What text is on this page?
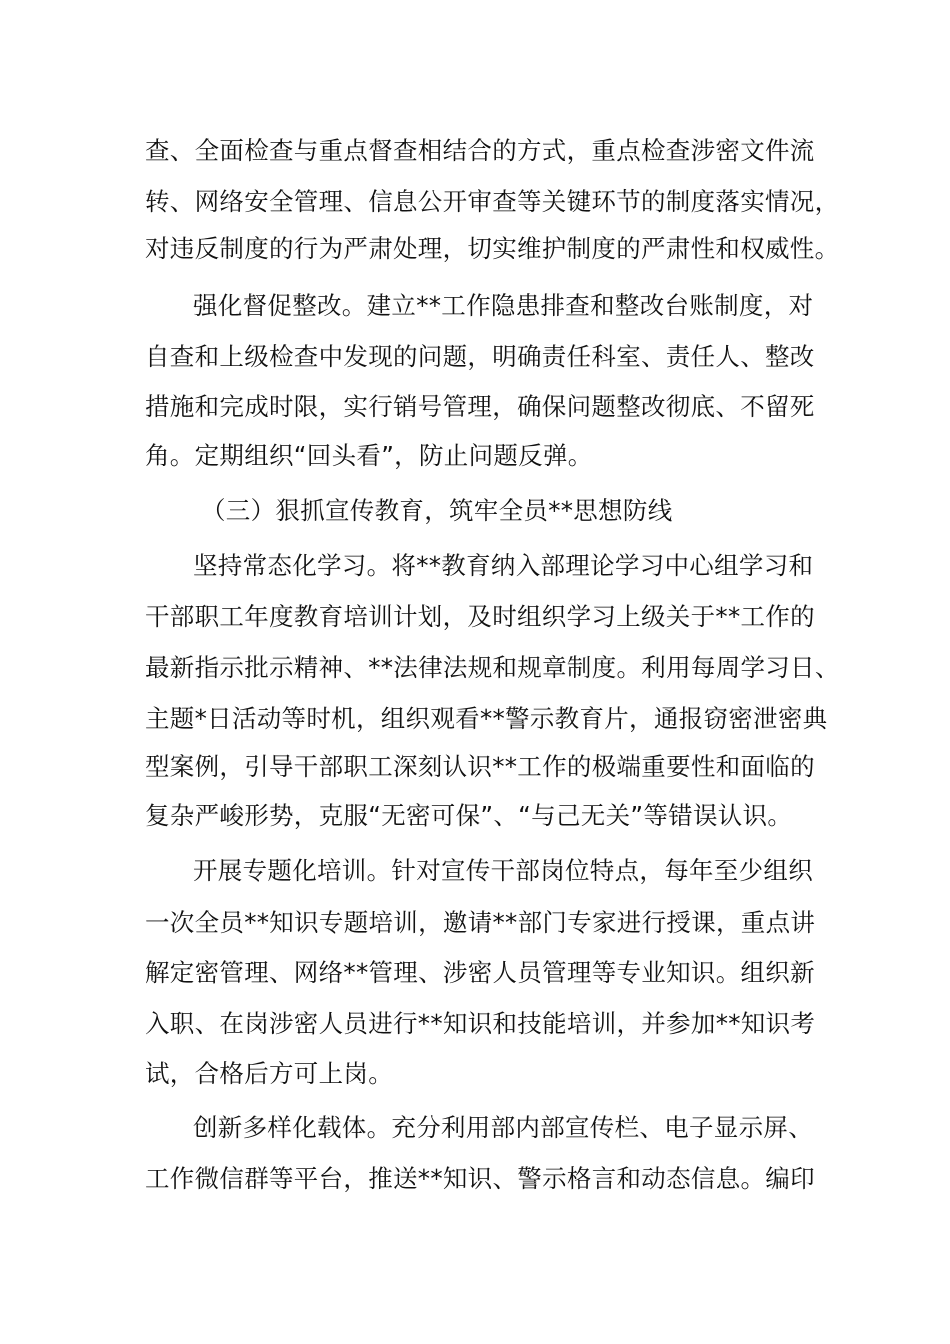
查、全面检查与重点督查相结合的方式，重点检查涉密文件流
转、网络安全管理、信息公开审查等关键环节的制度落实情况，
对违反制度的行为严肃处理，切实维护制度的严肃性和权威性。
强化督促整改。建立**工作隐患排查和整改台账制度，对
自查和上级检查中发现的问题，明确责任科室、责任人、整改
措施和完成时限，实行销号管理，确保问题整改彻底、不留死
角。定期组织“回头看”，防止问题反弹。
（三）狠抓宣传教育，筑牢全员**思想防线
坚持常态化学习。将**教育纳入部理论学习中心组学习和
干部职工年度教育培训计划，及时组织学习上级关于**工作的
最新指示批示精神、**法律法规和规章制度。利用每周学习日、
主题*日活动等时机，组织观看**警示教育片，通报窃密泄密典
型案例，引导干部职工深刻认识**工作的极端重要性和面临的
复杂严峻形势，克服“无密可保”、“与己无关”等错误认识。
开展专题化培训。针对宣传干部岗位特点，每年至少组织
一次全员**知识专题培训，邀请**部门专家进行授课，重点讲
解定密管理、网络**管理、涉密人员管理等专业知识。组织新
入职、在岗涉密人员进行**知识和技能培训，并参加**知识考
试，合格后方可上岗。
创新多样化载体。充分利用部内部宣传栏、电子显示屏、
工作微信群等平台，推送**知识、警示格言和动态信息。编印
